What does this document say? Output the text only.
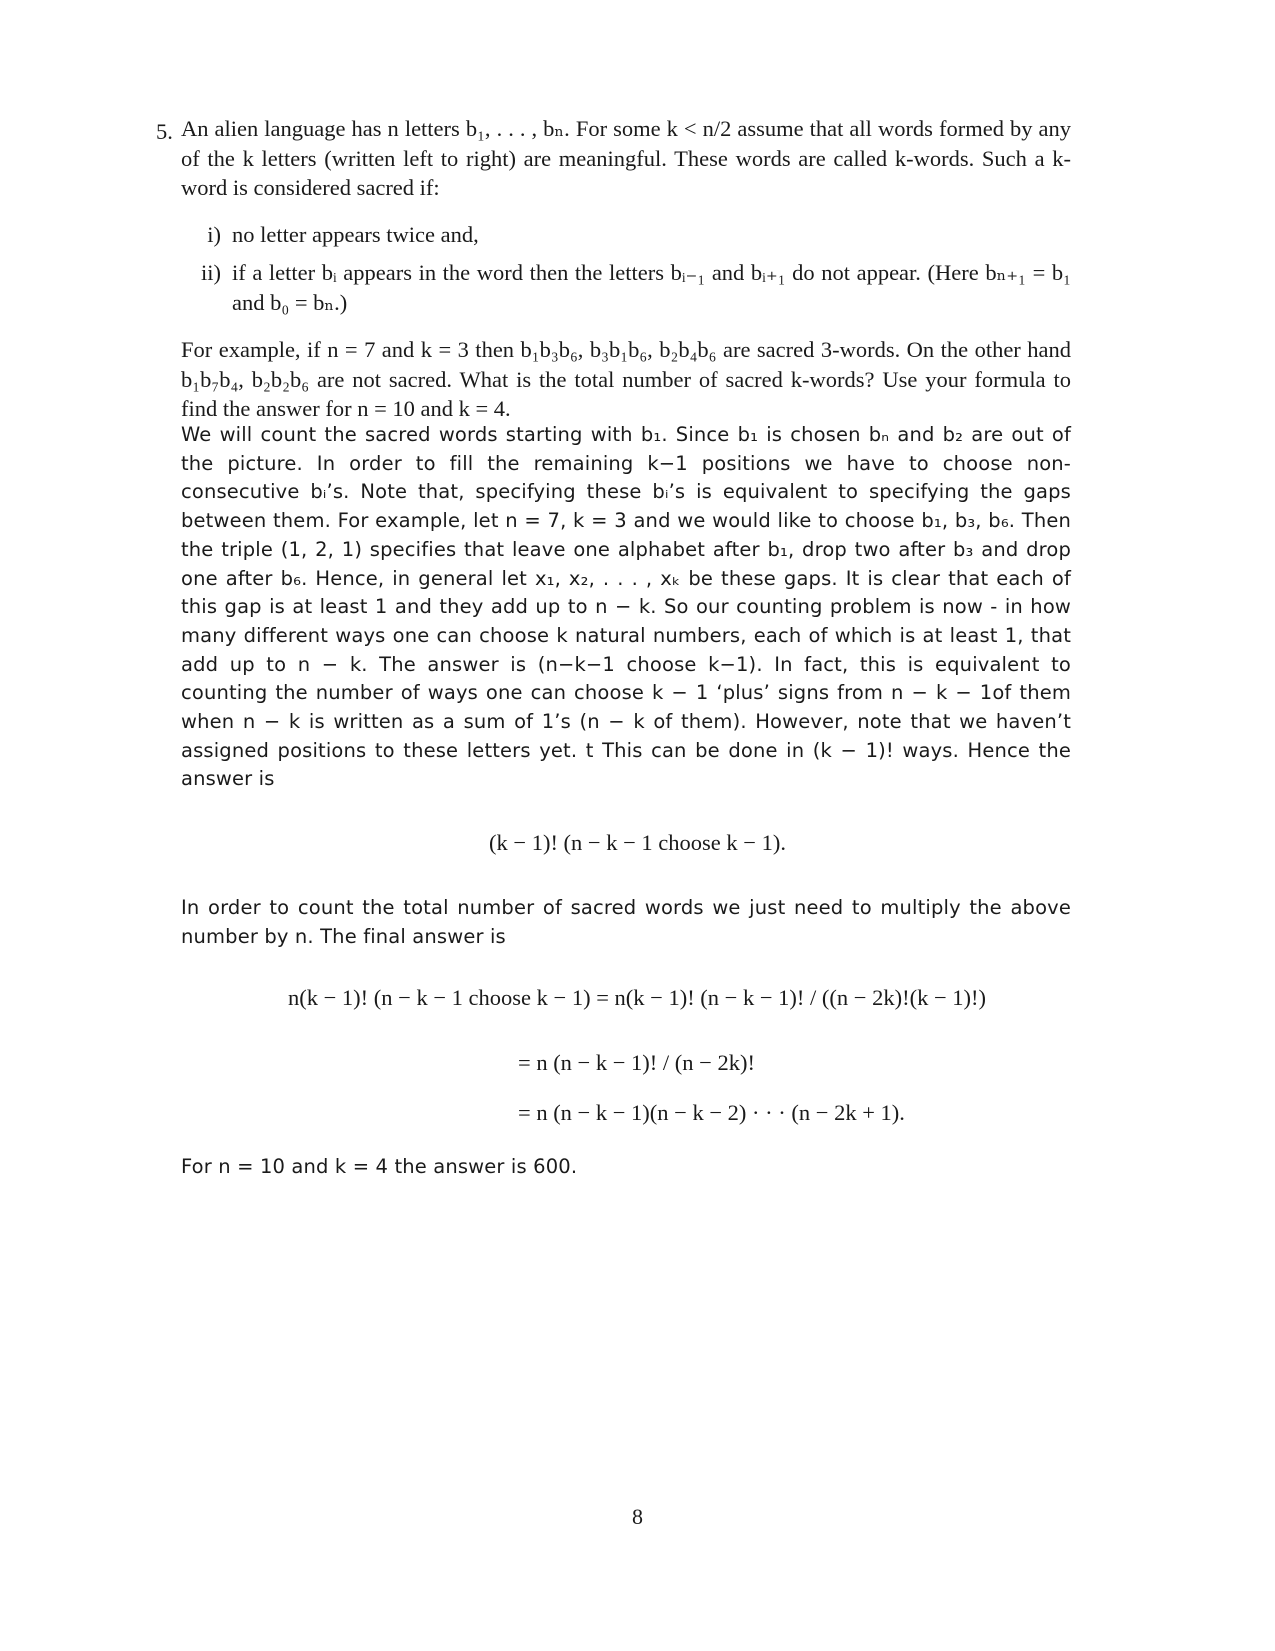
5. An alien language has n letters b₁, . . . , bₙ. For some k < n/2 assume that all words formed by any of the k letters (written left to right) are meaningful. These words are called k-words. Such a k-word is considered sacred if:
i) no letter appears twice and,
ii) if a letter bᵢ appears in the word then the letters bᵢ₋₁ and bᵢ₊₁ do not appear. (Here bₙ₊₁ = b₁ and b₀ = bₙ.)
For example, if n = 7 and k = 3 then b₁b₃b₆, b₃b₁b₆, b₂b₄b₆ are sacred 3-words. On the other hand b₁b₇b₄, b₂b₂b₆ are not sacred. What is the total number of sacred k-words? Use your formula to find the answer for n = 10 and k = 4.
We will count the sacred words starting with b₁. Since b₁ is chosen bₙ and b₂ are out of the picture. In order to fill the remaining k−1 positions we have to choose non-consecutive bᵢ’s. Note that, specifying these bᵢ’s is equivalent to specifying the gaps between them. For example, let n = 7, k = 3 and we would like to choose b₁, b₃, b₆. Then the triple (1, 2, 1) specifies that leave one alphabet after b₁, drop two after b₃ and drop one after b₆. Hence, in general let x₁, x₂, . . . , xₖ be these gaps. It is clear that each of this gap is at least 1 and they add up to n − k. So our counting problem is now - in how many different ways one can choose k natural numbers, each of which is at least 1, that add up to n − k. The answer is (n−k−1 choose k−1). In fact, this is equivalent to counting the number of ways one can choose k − 1 ‘plus’ signs from n − k − 1of them when n − k is written as a sum of 1’s (n − k of them). However, note that we haven’t assigned positions to these letters yet. t This can be done in (k − 1)! ways. Hence the answer is
(k − 1)! (n − k − 1 choose k − 1).
In order to count the total number of sacred words we just need to multiply the above number by n. The final answer is
n(k − 1)! (n − k − 1 choose k − 1) = n(k − 1)! (n − k − 1)! / ((n − 2k)!(k − 1)!)
= n (n − k − 1)! / (n − 2k)!
= n (n − k − 1)(n − k − 2) · · · (n − 2k + 1).
For n = 10 and k = 4 the answer is 600.
8
